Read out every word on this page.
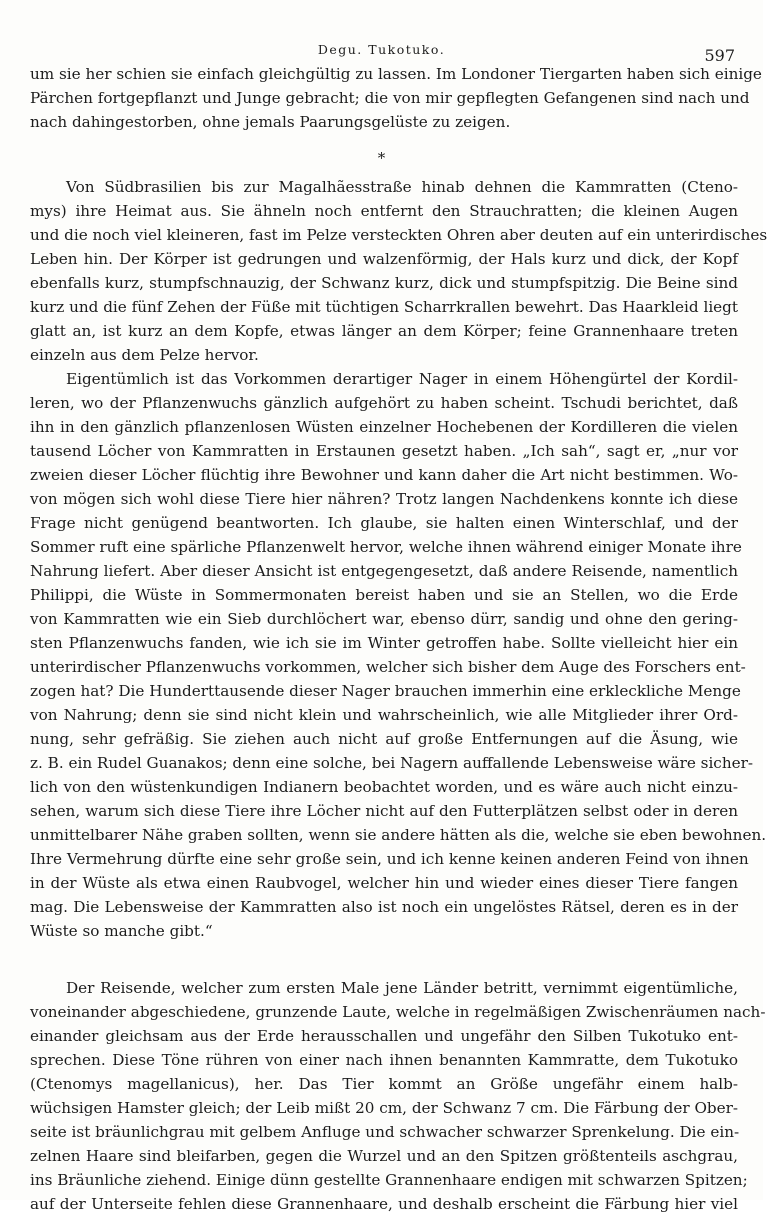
Degu. Tukotuko.	597
um sie her schien sie einfach gleichgültig zu lassen. Im Londoner Tiergarten haben sich einige
Pärchen fortgepflanzt und Junge gebracht; die von mir gepflegten Gefangenen sind nach und
nach dahingestorben, ohne jemals Paarungsgelüste zu zeigen.
*
Von Südbrasilien bis zur Magalhãesstraße hinab dehnen die Kammratten (Cteno-
mys) ihre Heimat aus. Sie ähneln noch entfernt den Strauchratten; die kleinen Augen
und die noch viel kleineren, fast im Pelze versteckten Ohren aber deuten auf ein unterirdisches
Leben hin. Der Körper ist gedrungen und walzenförmig, der Hals kurz und dick, der Kopf
ebenfalls kurz, stumpfschnauzig, der Schwanz kurz, dick und stumpfspitzig. Die Beine sind
kurz und die fünf Zehen der Füße mit tüchtigen Scharrkrallen bewehrt. Das Haarkleid liegt
glatt an, ist kurz an dem Kopfe, etwas länger an dem Körper; feine Grannenhaare treten
einzeln aus dem Pelze hervor.
Eigentümlich ist das Vorkommen derartiger Nager in einem Höhengürtel der Kordil-
leren, wo der Pflanzenwuchs gänzlich aufgehört zu haben scheint. Tschudi berichtet, daß
ihn in den gänzlich pflanzenlosen Wüsten einzelner Hochebenen der Kordilleren die vielen
tausend Löcher von Kammratten in Erstaunen gesetzt haben. „Ich sah“, sagt er, „nur vor
zweien dieser Löcher flüchtig ihre Bewohner und kann daher die Art nicht bestimmen. Wo-
von mögen sich wohl diese Tiere hier nähren? Trotz langen Nachdenkens konnte ich diese
Frage nicht genügend beantworten. Ich glaube, sie halten einen Winterschlaf, und der
Sommer ruft eine spärliche Pflanzenwelt hervor, welche ihnen während einiger Monate ihre
Nahrung liefert. Aber dieser Ansicht ist entgegengesetzt, daß andere Reisende, namentlich
Philippi, die Wüste in Sommermonaten bereist haben und sie an Stellen, wo die Erde
von Kammratten wie ein Sieb durchlöchert war, ebenso dürr, sandig und ohne den gering-
sten Pflanzenwuchs fanden, wie ich sie im Winter getroffen habe. Sollte vielleicht hier ein
unterirdischer Pflanzenwuchs vorkommen, welcher sich bisher dem Auge des Forschers ent-
zogen hat? Die Hunderttausende dieser Nager brauchen immerhin eine erkleckliche Menge
von Nahrung; denn sie sind nicht klein und wahrscheinlich, wie alle Mitglieder ihrer Ord-
nung, sehr gefräßig. Sie ziehen auch nicht auf große Entfernungen auf die Äsung, wie
z. B. ein Rudel Guanakos; denn eine solche, bei Nagern auffallende Lebensweise wäre sicher-
lich von den wüstenkundigen Indianern beobachtet worden, und es wäre auch nicht einzu-
sehen, warum sich diese Tiere ihre Löcher nicht auf den Futterplätzen selbst oder in deren
unmittelbarer Nähe graben sollten, wenn sie andere hätten als die, welche sie eben bewohnen.
Ihre Vermehrung dürfte eine sehr große sein, und ich kenne keinen anderen Feind von ihnen
in der Wüste als etwa einen Raubvogel, welcher hin und wieder eines dieser Tiere fangen
mag. Die Lebensweise der Kammratten also ist noch ein ungelöstes Rätsel, deren es in der
Wüste so manche gibt.“
Der Reisende, welcher zum ersten Male jene Länder betritt, vernimmt eigentümliche,
voneinander abgeschiedene, grunzende Laute, welche in regelmäßigen Zwischenräumen nach-
einander gleichsam aus der Erde herausschallen und ungefähr den Silben Tukotuko ent-
sprechen. Diese Töne rühren von einer nach ihnen benannten Kammratte, dem Tukotuko
(Ctenomys magellanicus), her. Das Tier kommt an Größe ungefähr einem halb-
wüchsigen Hamster gleich; der Leib mißt 20 cm, der Schwanz 7 cm. Die Färbung der Ober-
seite ist bräunlichgrau mit gelbem Anfluge und schwacher schwarzer Sprenkelung. Die ein-
zelnen Haare sind bleifarben, gegen die Wurzel und an den Spitzen größtenteils aschgrau,
ins Bräunliche ziehend. Einige dünn gestellte Grannenhaare endigen mit schwarzen Spitzen;
auf der Unterseite fehlen diese Grannenhaare, und deshalb erscheint die Färbung hier viel
